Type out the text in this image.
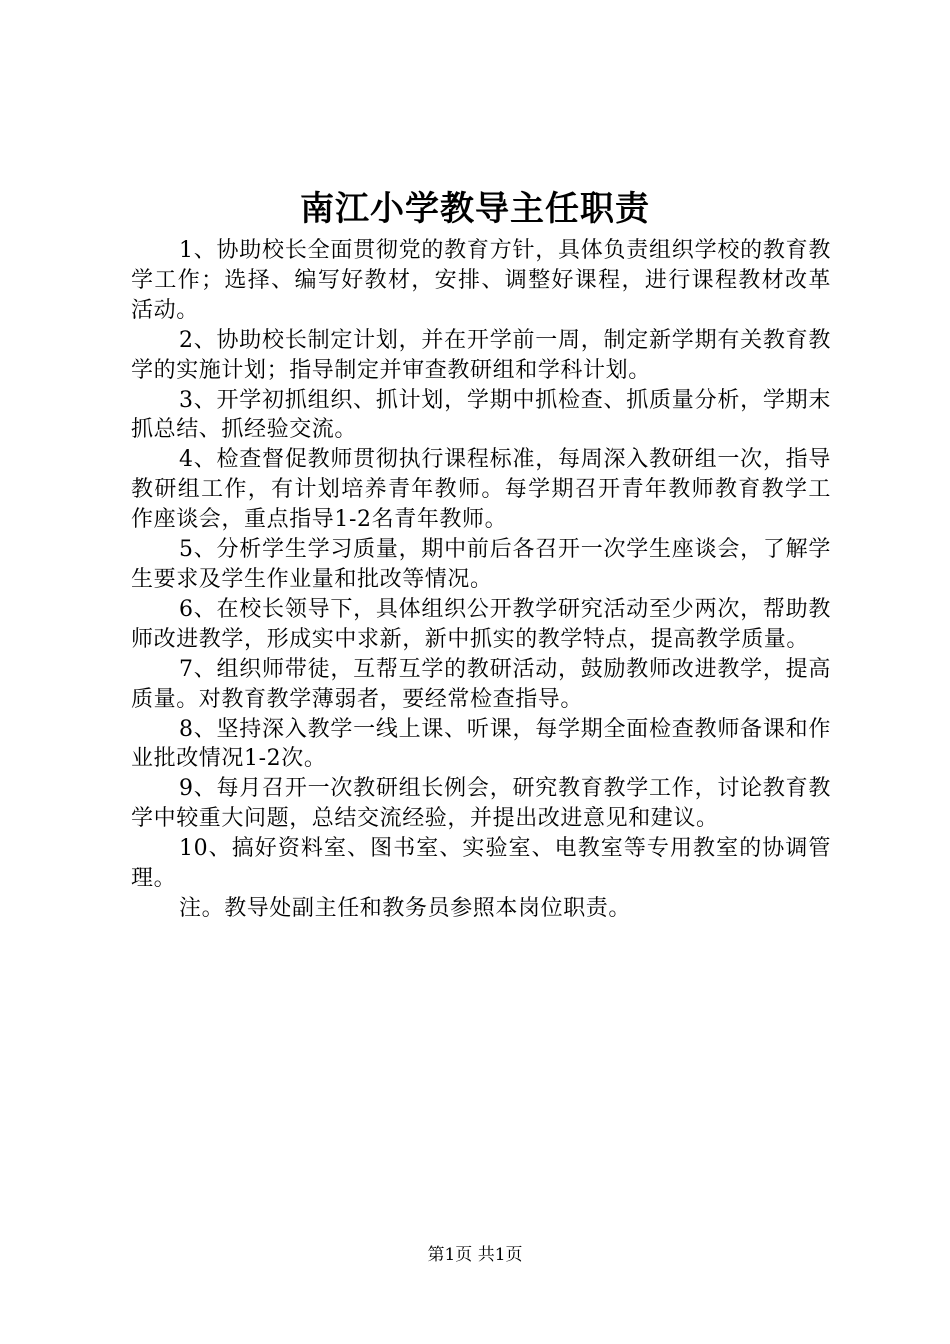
南江小学教导主任职责

1、协助校长全面贯彻党的教育方针，具体负责组织学校的教育教学工作；选择、编写好教材，安排、调整好课程，进行课程教材改革活动。

2、协助校长制定计划，并在开学前一周，制定新学期有关教育教学的实施计划；指导制定并审查教研组和学科计划。

3、开学初抓组织、抓计划，学期中抓检查、抓质量分析，学期末抓总结、抓经验交流。

4、检查督促教师贯彻执行课程标准，每周深入教研组一次，指导教研组工作，有计划培养青年教师。每学期召开青年教师教育教学工作座谈会，重点指导1-2名青年教师。

5、分析学生学习质量，期中前后各召开一次学生座谈会，了解学生要求及学生作业量和批改等情况。

6、在校长领导下，具体组织公开教学研究活动至少两次，帮助教师改进教学，形成实中求新，新中抓实的教学特点，提高教学质量。

7、组织师带徒，互帮互学的教研活动，鼓励教师改进教学，提高质量。对教育教学薄弱者，要经常检查指导。

8、坚持深入教学一线上课、听课，每学期全面检查教师备课和作业批改情况1-2次。

9、每月召开一次教研组长例会，研究教育教学工作，讨论教育教学中较重大问题，总结交流经验，并提出改进意见和建议。

10、搞好资料室、图书室、实验室、电教室等专用教室的协调管理。

注。教导处副主任和教务员参照本岗位职责。

第1页 共1页
